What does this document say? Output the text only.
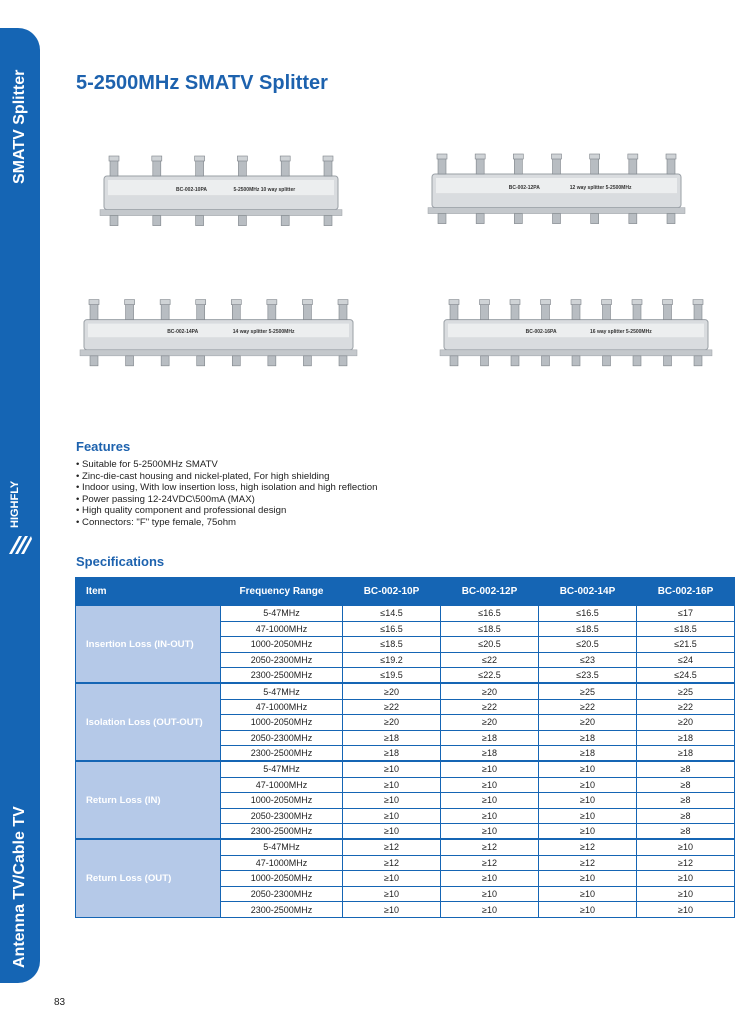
SMATV Splitter
HIGHFLY
Antenna TV/Cable TV
83
5-2500MHz SMATV Splitter
BC-002-10PA	5-2500MHz 10 way splitter	BC-002-12PA	12 way splitter 5-2500MHz
BC-002-14PA	14 way splitter 5-2500MHz	BC-002-16PA	16 way splitter 5-2500MHz
Features
• Suitable for 5-2500MHz SMATV
• Zinc-die-cast housing and nickel-plated, For high shielding
• Indoor using, With low insertion loss, high isolation and high reflection
• Power passing 12-24VDC\500mA (MAX)
• High quality component and professional design
• Connectors: "F" type female, 75ohm
Specifications
Item	Frequency Range	BC-002-10P	BC-002-12P	BC-002-14P	BC-002-16P
Insertion Loss (IN-OUT)	5-47MHz	≤14.5	≤16.5	≤16.5	≤17
	47-1000MHz	≤16.5	≤18.5	≤18.5	≤18.5
	1000-2050MHz	≤18.5	≤20.5	≤20.5	≤21.5
	2050-2300MHz	≤19.2	≤22	≤23	≤24
	2300-2500MHz	≤19.5	≤22.5	≤23.5	≤24.5
Isolation Loss (OUT-OUT)	5-47MHz	≥20	≥20	≥25	≥25
	47-1000MHz	≥22	≥22	≥22	≥22
	1000-2050MHz	≥20	≥20	≥20	≥20
	2050-2300MHz	≥18	≥18	≥18	≥18
	2300-2500MHz	≥18	≥18	≥18	≥18
Return Loss (IN)	5-47MHz	≥10	≥10	≥10	≥8
	47-1000MHz	≥10	≥10	≥10	≥8
	1000-2050MHz	≥10	≥10	≥10	≥8
	2050-2300MHz	≥10	≥10	≥10	≥8
	2300-2500MHz	≥10	≥10	≥10	≥8
Return Loss (OUT)	5-47MHz	≥12	≥12	≥12	≥10
	47-1000MHz	≥12	≥12	≥12	≥12
	1000-2050MHz	≥10	≥10	≥10	≥10
	2050-2300MHz	≥10	≥10	≥10	≥10
	2300-2500MHz	≥10	≥10	≥10	≥10
